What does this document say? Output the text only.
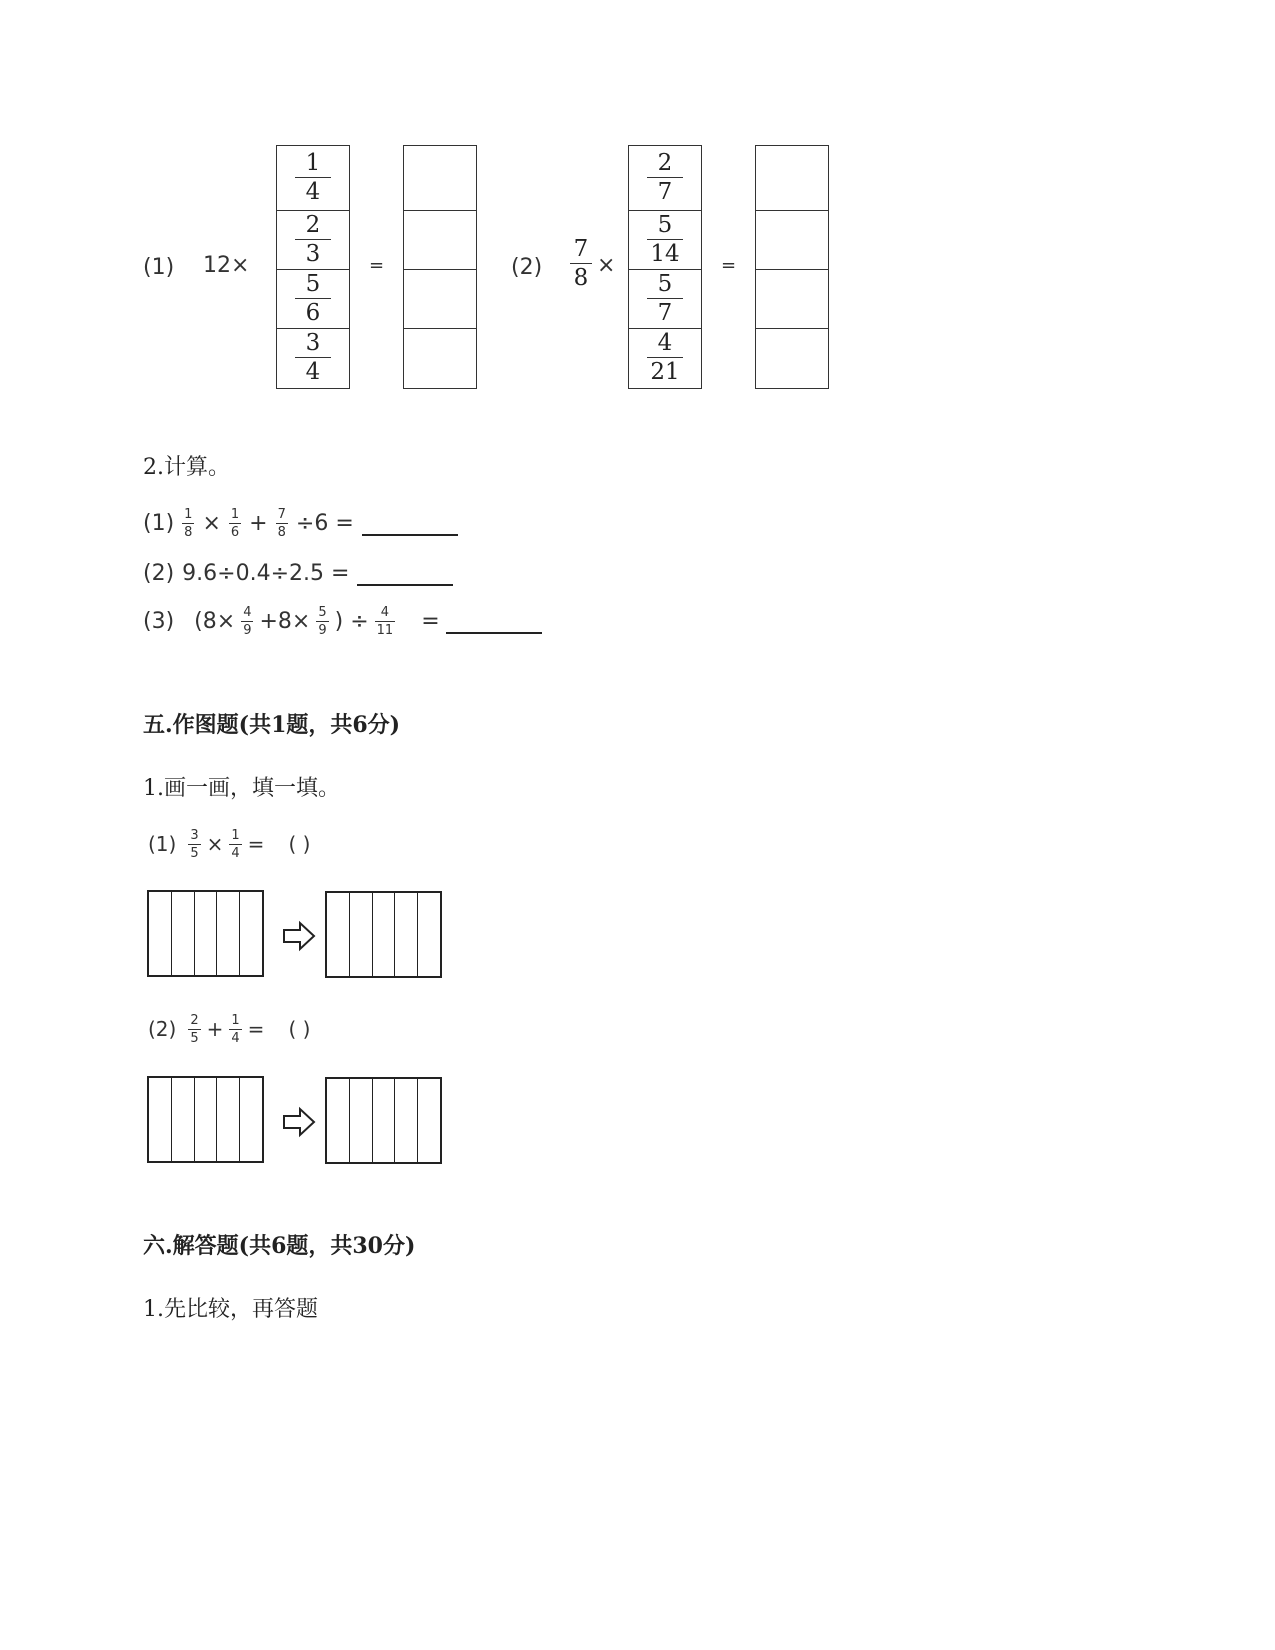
(1) 12×
$\frac{1}{4}$
$\frac{2}{3}$
$\frac{5}{6}$
$\frac{3}{4}$
=	(2)
7
8 ×
$\frac{2}{7}$
$\frac{5}{14}$
$\frac{5}{7}$
$\frac{4}{21}$
=
2.计算。
$(1) \frac{1}{8} \times \frac{1}{6} + \frac{7}{8} \div 6$ =
(2) 9.6÷0.4÷2.5 =
(3) ($8\times \frac{4}{9} +8\times \frac{5}{9}$ ) ÷ $\frac{4}{11}$ =
五.作图题(共1题，共6分)
1.画一画，填一填。
$(1) \frac{3}{5} \times \frac{1}{4}$ = ( )
$(2) \frac{2}{5} + \frac{1}{4}$ = ( )
六.解答题(共6题，共30分)
1.先比较，再答题
